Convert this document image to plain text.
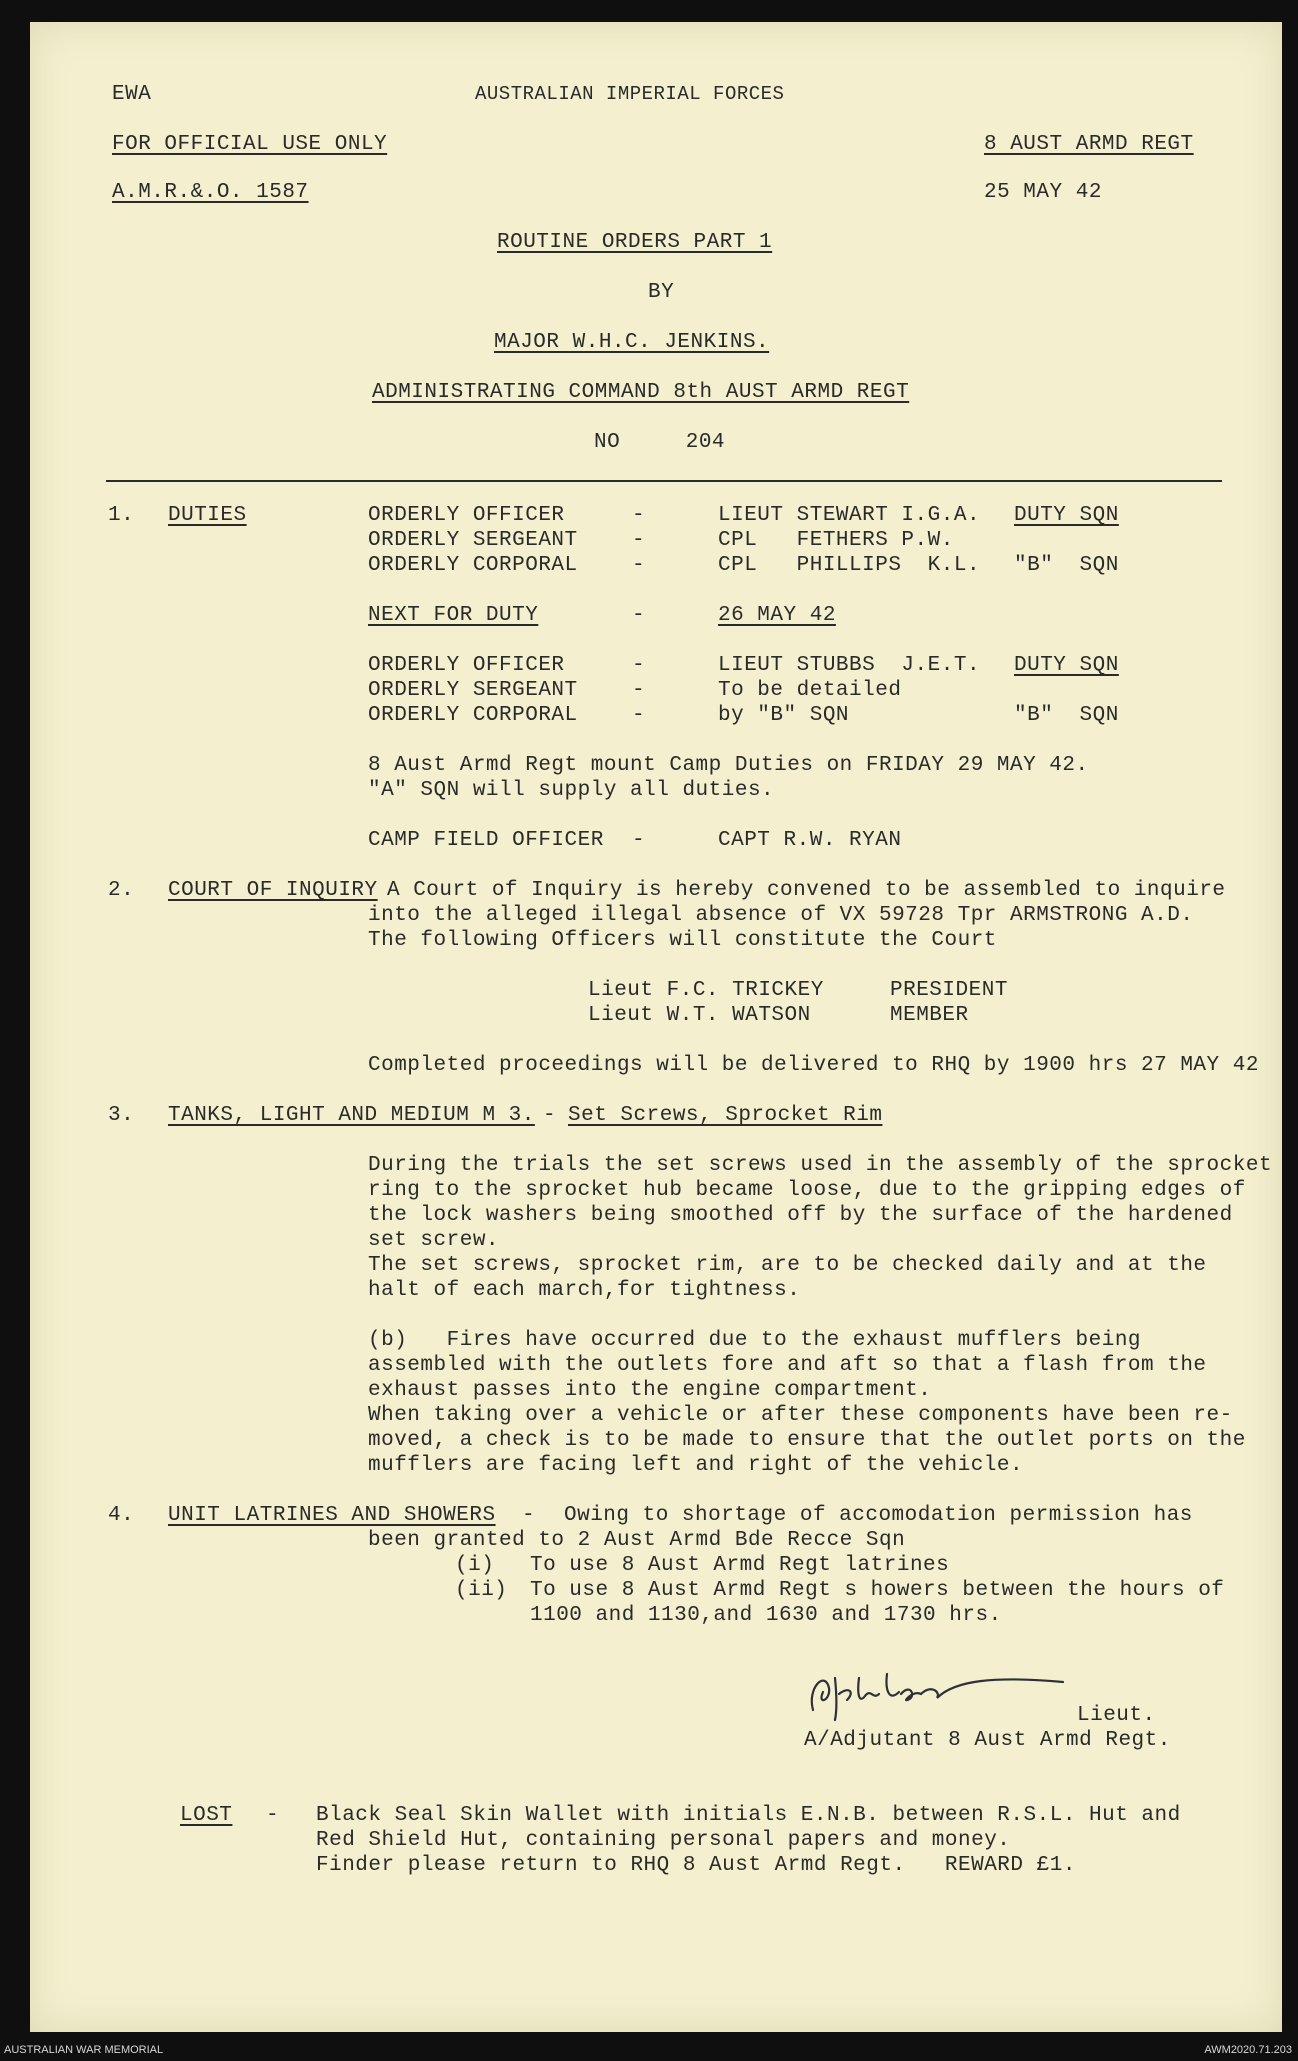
EWA	AUSTRALIAN IMPERIAL FORCES
FOR OFFICIAL USE ONLY	8 AUST ARMD REGT
A.M.R.&.O. 1587	25 MAY 42
ROUTINE ORDERS PART 1
BY
MAJOR W.H.C. JENKINS.
ADMINISTRATING COMMAND 8th AUST ARMD REGT
NO     204
1. DUTIES	ORDERLY OFFICER	-	LIEUT STEWART I.G.A. DUTY SQN
ORDERLY SERGEANT	-	CPL   FETHERS P.W.
ORDERLY CORPORAL	-	CPL   PHILLIPS  K.L. "B"  SQN
NEXT FOR DUTY	-	26 MAY 42
ORDERLY OFFICER	-	LIEUT STUBBS  J.E.T. DUTY SQN
ORDERLY SERGEANT	-	To be detailed
ORDERLY CORPORAL	-	by "B" SQN	"B"  SQN
8 Aust Armd Regt mount Camp Duties on FRIDAY 29 MAY 42.
"A" SQN will supply all duties.
CAMP FIELD OFFICER -	CAPT R.W. RYAN
2. COURT OF INQUIRY A Court of Inquiry is hereby convened to be assembled to inquire
into the alleged illegal absence of VX 59728 Tpr ARMSTRONG A.D.
The following Officers will constitute the Court
Lieut F.C. TRICKEY	PRESIDENT
Lieut W.T. WATSON	MEMBER
Completed proceedings will be delivered to RHQ by 1900 hrs 27 MAY 42
3. TANKS, LIGHT AND MEDIUM M 3. - Set Screws, Sprocket Rim
During the trials the set screws used in the assembly of the sprocket
ring to the sprocket hub became loose, due to the gripping edges of
the lock washers being smoothed off by the surface of the hardened
set screw.
The set screws, sprocket rim, are to be checked daily and at the
halt of each march,for tightness.
(b)   Fires have occurred due to the exhaust mufflers being
assembled with the outlets fore and aft so that a flash from the
exhaust passes into the engine compartment.
When taking over a vehicle or after these components have been re-
moved, a check is to be made to ensure that the outlet ports on the
mufflers are facing left and right of the vehicle.
4. UNIT LATRINES AND SHOWERS - Owing to shortage of accomodation permission has
been granted to 2 Aust Armd Bde Recce Sqn
(i) To use 8 Aust Armd Regt latrines
(ii) To use 8 Aust Armd Regt s howers between the hours of
1100 and 1130,and 1630 and 1730 hrs.
Lieut.
A/Adjutant 8 Aust Armd Regt.
LOST - Black Seal Skin Wallet with initials E.N.B. between R.S.L. Hut and
Red Shield Hut, containing personal papers and money.
Finder please return to RHQ 8 Aust Armd Regt.   REWARD £1.
AUSTRALIAN WAR MEMORIAL	AWM2020.71.203
